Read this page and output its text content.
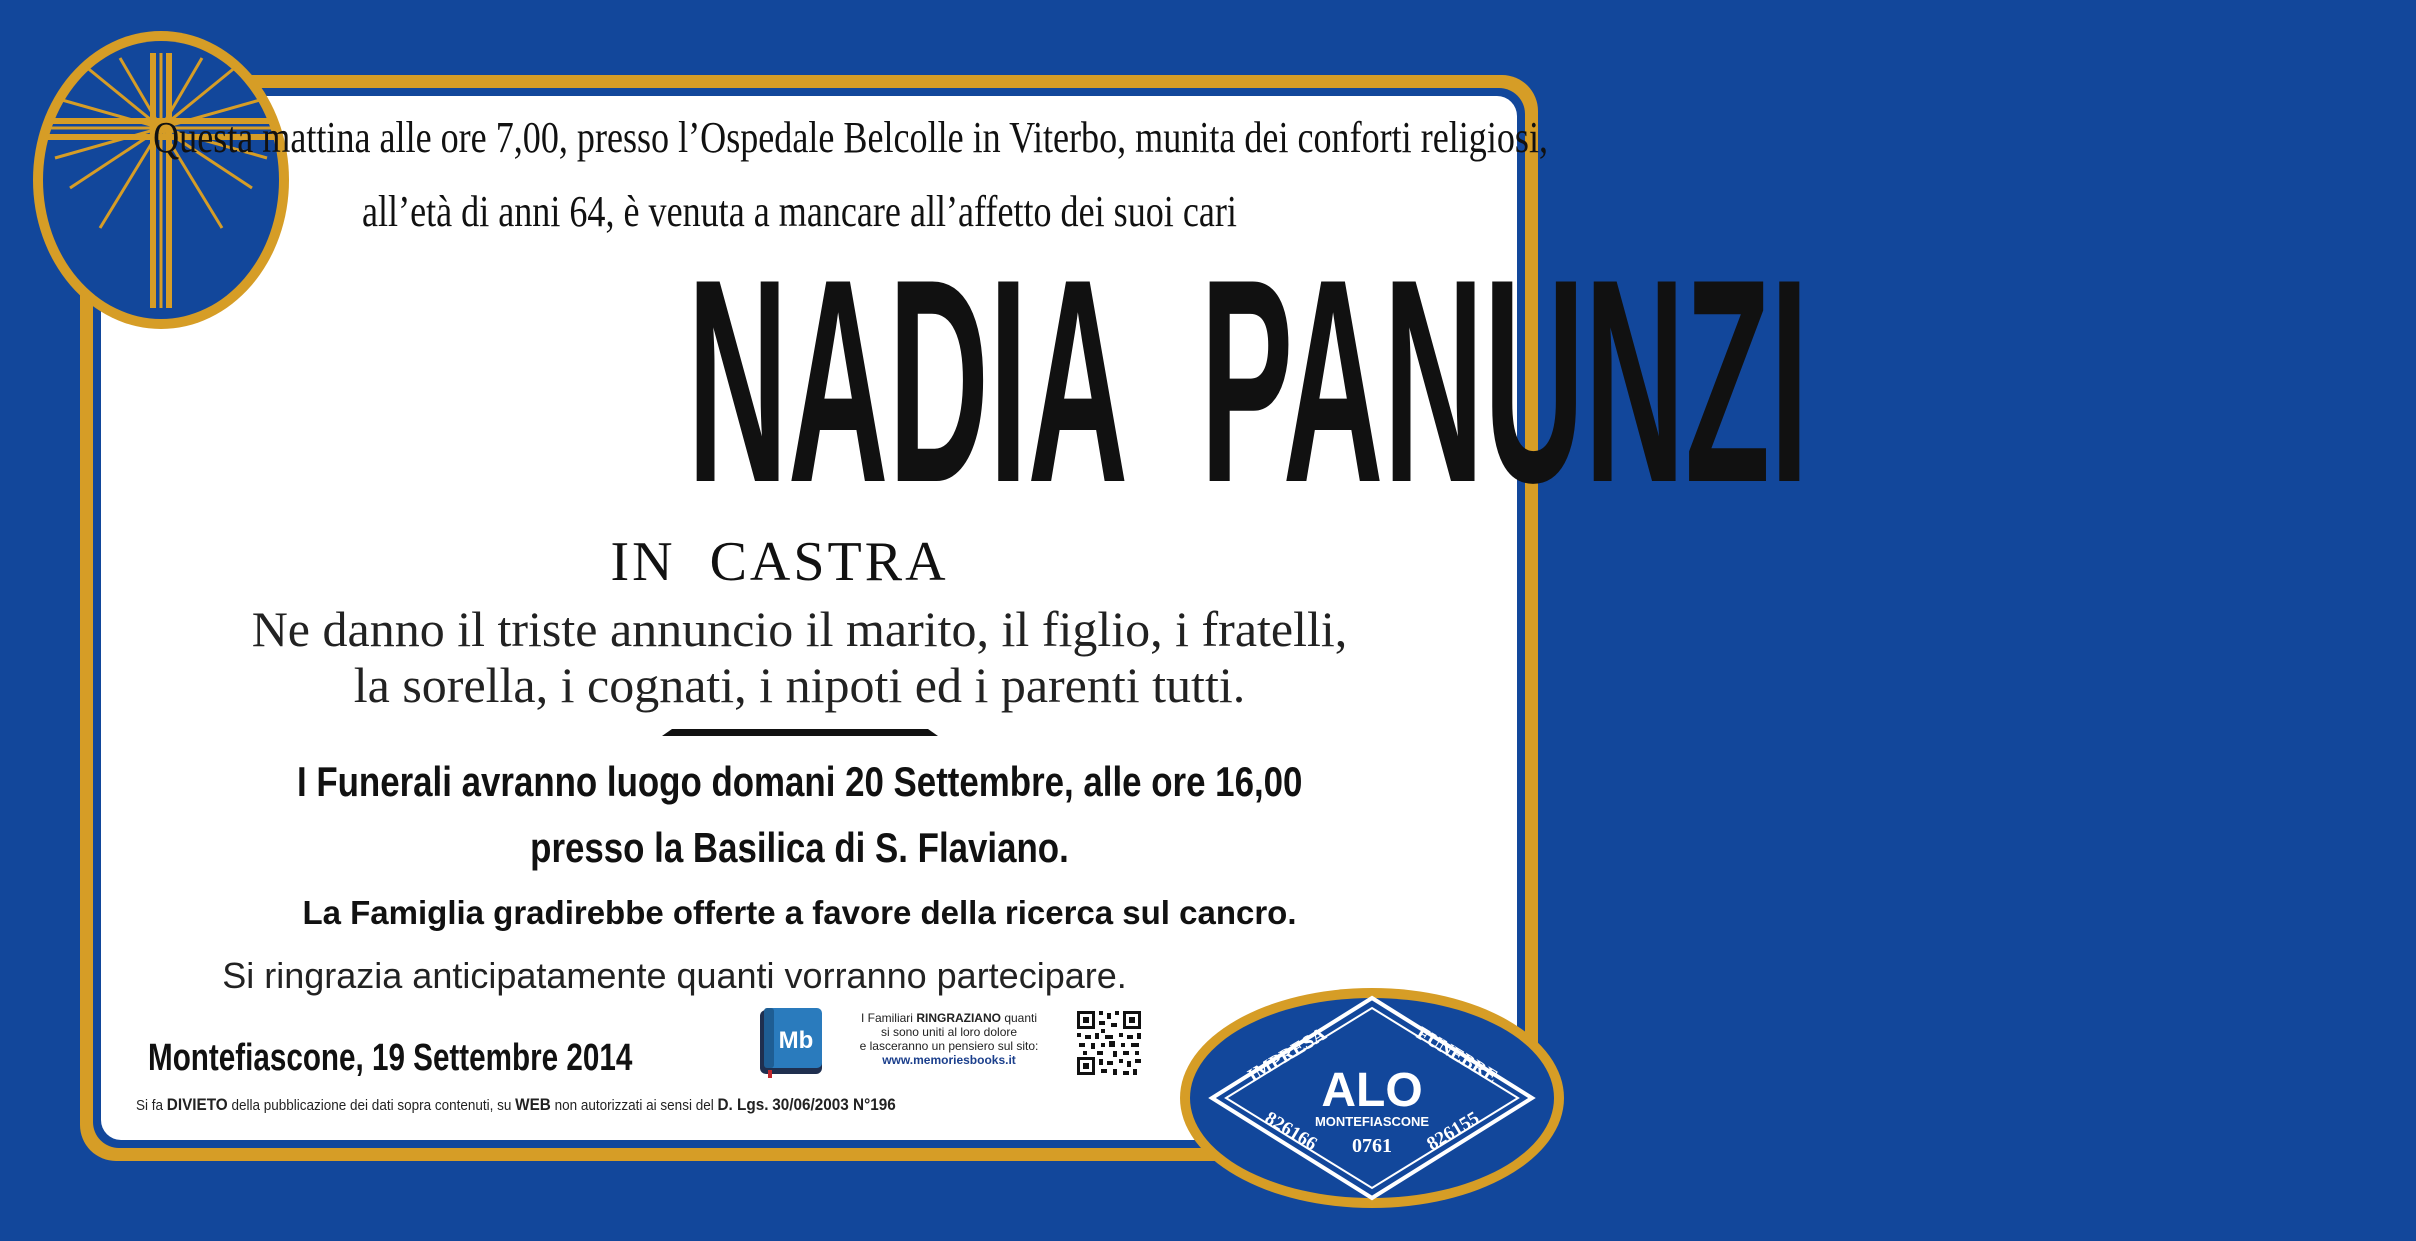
Questa mattina alle ore 7,00, presso l’Ospedale Belcolle in Viterbo, munita dei conforti religiosi,

all’età di anni 64, è venuta a mancare all’affetto dei suoi cari

NADIA  PANUNZI

IN  CASTRA

Ne danno il triste annuncio il marito, il figlio, i fratelli,

la sorella, i cognati, i nipoti ed i parenti tutti.

I Funerali avranno luogo domani 20 Settembre, alle ore 16,00

presso la Basilica di S. Flaviano.

La Famiglia gradirebbe offerte a favore della ricerca sul cancro.

Si ringrazia anticipatamente quanti vorranno partecipare.

Montefiascone, 19 Settembre 2014	Mb
I Familiari RINGRAZIANO quanti
si sono uniti al loro dolore
e lasceranno un pensiero sul sito:
www.memoriesbooks.it
Si fa DIVIETO della pubblicazione dei dati sopra contenuti, su WEB non autorizzati ai sensi del D. Lgs. 30/06/2003 N°196
IMPRESA	FUNEBRE
ALO
MONTEFIASCONE
0761
826166	826155
